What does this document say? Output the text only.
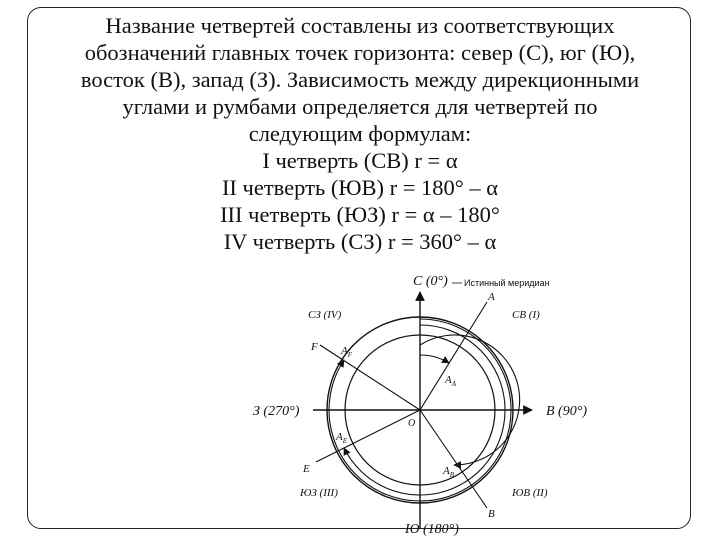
Название четвертей составлены из соответствующих
обозначений главных точек горизонта: север (С), юг (Ю),
восток (В), запад (З). Зависимость между дирекционными
углами и румбами определяется для четвертей по
следующим формулам:
I четверть (СВ) r = α
II четверть (ЮВ) r = 180° – α
III четверть (ЮЗ) r = α – 180°
IV четверть (СЗ) r = 360° – α
С (0°) Истинный меридиан
В (90°)
З (270°)
Ю (180°)
О
СВ (I)
СЗ (IV)
ЮВ (II)
ЮЗ (III)
A
B
E
F
$A_A$
$A_B$
$A_E$
$A_F$
